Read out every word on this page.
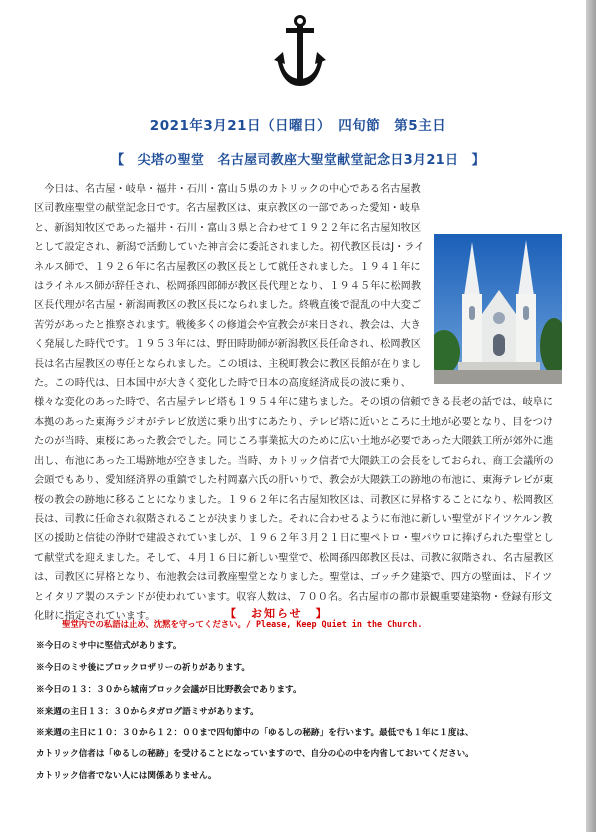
2021年3月21日（日曜日）　四旬節　第5主日
【　尖塔の聖堂　名古屋司教座大聖堂献堂記念日3月21日　】

今日は、名古屋・岐阜・福井・石川・富山５県のカトリックの中心である名古屋教区司教座聖堂の献堂記念日です。名古屋教区は、東京教区の一部であった愛知・岐阜と、新潟知牧区であった福井・石川・富山３県と合わせて１９２２年に名古屋知牧区として設定され、新潟で活動していた神言会に委託されました。初代教区長はJ・ライネルス師で、１９２６年に名古屋教区の教区長として就任されました。１９４１年にはライネルス師が辞任され、松岡孫四郎師が教区長代理となり、１９４５年に松岡教区長代理が名古屋・新潟両教区の教区長になられました。終戦直後で混乱の中大変ご苦労があったと推察されます。戦後多くの修道会や宣教会が来日され、教会は、大きく発展した時代です。１９５３年には、野田時助師が新潟教区長任命され、松岡教区長は名古屋教区の専任となられました。この頃は、主税町教会に教区長館が在りました。この時代は、日本国中が大きく変化した時で日本の高度経済成長の波に乗り、様々な変化のあった時で、名古屋テレビ塔も１９５４年に建ちました。その頃の信頼できる長老の話では、岐阜に本拠のあった東海ラジオがテレビ放送に乗り出すにあたり、テレビ塔に近いところに土地が必要となり、目をつけたのが当時、東桜にあった教会でした。同じころ事業拡大のために広い土地が必要であった大隈鉄工所が郊外に進出し、布池にあった工場跡地が空きました。当時、カトリック信者で大隈鉄工の会長をしておられ、商工会議所の会頭でもあり、愛知経済界の重鎮でした村岡嘉六氏の肝いりで、教会が大隈鉄工の跡地の布池に、東海テレビが東桜の教会の跡地に移ることになりました。１９６２年に名古屋知牧区は、司教区に昇格することになり、松岡教区長は、司教に任命され叙階されることが決まりました。それに合わせるように布池に新しい聖堂がドイツケルン教区の援助と信徒の浄財で建設されていましが、１９６２年３月２１日に聖ペトロ・聖パウロに捧げられた聖堂として献堂式を迎えました。そして、４月１６日に新しい聖堂で、松岡孫四郎教区長は、司教に叙階され、名古屋教区は、司教区に昇格となり、布池教会は司教座聖堂となりました。聖堂は、ゴッチク建築で、四方の壁面は、ドイツとイタリア製のステンドが使われています。収容人数は、７００名。名古屋市の都市景観重要建築物・登録有形文化財に指定されています。	【　お知らせ　】
聖堂内での私語は止め、沈黙を守ってください。/ Please, Keep Quiet in the Church.
※今日のミサ中に堅信式があります。
※今日のミサ後にブロックロザリーの祈りがあります。
※今日の１３：３０から城南ブロック会議が日比野教会であります。
※来週の主日１３：３０からタガログ語ミサがあります。
※来週の主日に１０：３０から１２：００まで四旬節中の「ゆるしの秘跡」を行います。最低でも１年に１度は、
カトリック信者は「ゆるしの秘跡」を受けることになっていますので、自分の心の中を内省しておいてください。
カトリック信者でない人には関係ありません。
